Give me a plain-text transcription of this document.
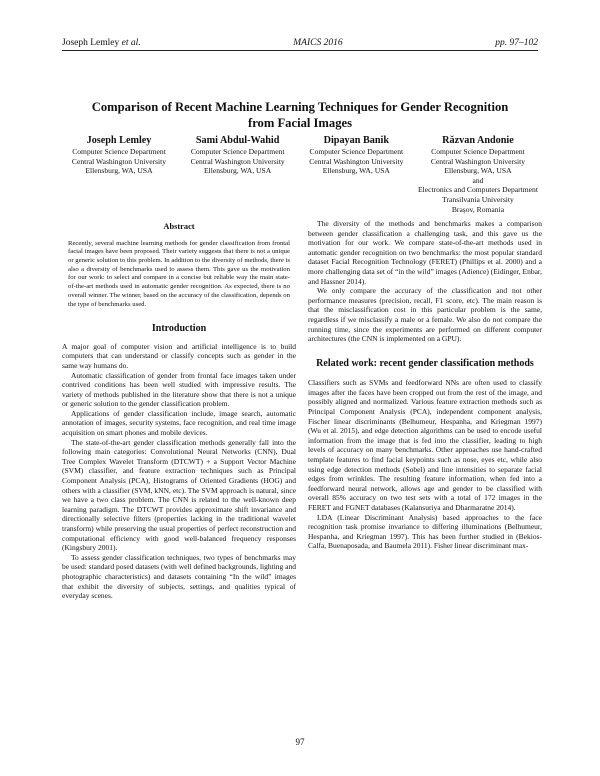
Joseph Lemley et al.	MAICS 2016	pp. 97–102
Comparison of Recent Machine Learning Techniques for Gender Recognition
from Facial Images
Joseph Lemley
Computer Science Department
Central Washington University
Ellensburg, WA, USA
Sami Abdul-Wahid
Computer Science Department
Central Washington University
Ellensburg, WA, USA
Dipayan Banik
Computer Science Department
Central Washington University
Ellensburg, WA, USA
Răzvan Andonie
Computer Science Department
Central Washington University
Ellensburg, WA, USA
and
Electronics and Computers Department
Transilvania University
Brașov, Romania
Abstract

Recently, several machine learning methods for gender classification from frontal facial images have been proposed. Their variety suggests that there is not a unique or generic solution to this problem. In addition to the diversity of methods, there is also a diversity of benchmarks used to assess them. This gave us the motivation for our work: to select and compare in a concise but reliable way the main state-of-the-art methods used in automatic gender recognition. As expected, there is no overall winner. The winner, based on the accuracy of the classification, depends on the type of benchmarks used.

Introduction

A major goal of computer vision and artificial intelligence is to build computers that can understand or classify concepts such as gender in the same way humans do.

Automatic classification of gender from frontal face images taken under contrived conditions has been well studied with impressive results. The variety of methods published in the literature show that there is not a unique or generic solution to the gender classification problem.

Applications of gender classification include, image search, automatic annotation of images, security systems, face recognition, and real time image acquisition on smart phones and mobile devices.

The state-of-the-art gender classification methods generally fall into the following main categories: Convolutional Neural Networks (CNN), Dual Tree Complex Wavelet Transform (DTCWT) + a Support Vector Machine (SVM) classifier, and feature extraction techniques such as Principal Component Analysis (PCA), Histograms of Oriented Gradients (HOG) and others with a classifier (SVM, kNN, etc). The SVM approach is natural, since we have a two class problem. The CNN is related to the well-known deep learning paradigm. The DTCWT provides approximate shift invariance and directionally selective filters (properties lacking in the traditional wavelet transform) while preserving the usual properties of perfect reconstruction and computational efficiency with good well-balanced frequency responses (Kingsbury 2001).

To assess gender classification techniques, two types of benchmarks may be used: standard posed datasets (with well defined backgrounds, lighting and photographic characteristics) and datasets containing “In the wild” images that exhibit the diversity of subjects, settings, and qualities typical of everyday scenes.

The diversity of the methods and benchmarks makes a comparison between gender classification a challenging task, and this gave us the motivation for our work. We compare state-of-the-art methods used in automatic gender recognition on two benchmarks: the most popular standard dataset Facial Recognition Technology (FERET) (Phillips et al. 2000) and a more challenging data set of “in the wild” images (Adience) (Eidinger, Enbar, and Hassner 2014).

We only compare the accuracy of the classification and not other performance measures (precision, recall, F1 score, etc). The main reason is that the misclassification cost in this particular problem is the same, regardless if we misclassify a male or a female. We also do not compare the running time, since the experiments are performed on different computer architectures (the CNN is implemented on a GPU).

Related work: recent gender classification methods

Classifiers such as SVMs and feedforward NNs are often used to classify images after the faces have been cropped out from the rest of the image, and possibly aligned and normalized. Various feature extraction methods such as Principal Component Analysis (PCA), independent component analysis, Fischer linear discriminants (Belhumeur, Hespanha, and Kriegman 1997) (Wu et al. 2015), and edge detection algorithms can be used to encode useful information from the image that is fed into the classifier, leading to high levels of accuracy on many benchmarks. Other approaches use hand-crafted template features to find facial keypoints such as nose, eyes etc, while also using edge detection methods (Sobel) and line intensities to separate facial edges from wrinkles. The resulting feature information, when fed into a feedforward neural network, allows age and gender to be classified with overall 85% accuracy on two test sets with a total of 172 images in the FERET and FGNET databases (Kalansuriya and Dharmaratne 2014).

LDA (Linear Discriminant Analysis) based approaches to the face recognition task promise invariance to differing illuminations (Belhumeur, Hespanha, and Kriegman 1997). This has been further studied in (Bekios-Calfa, Buenaposada, and Baumela 2011). Fisher linear discriminant max-

97
